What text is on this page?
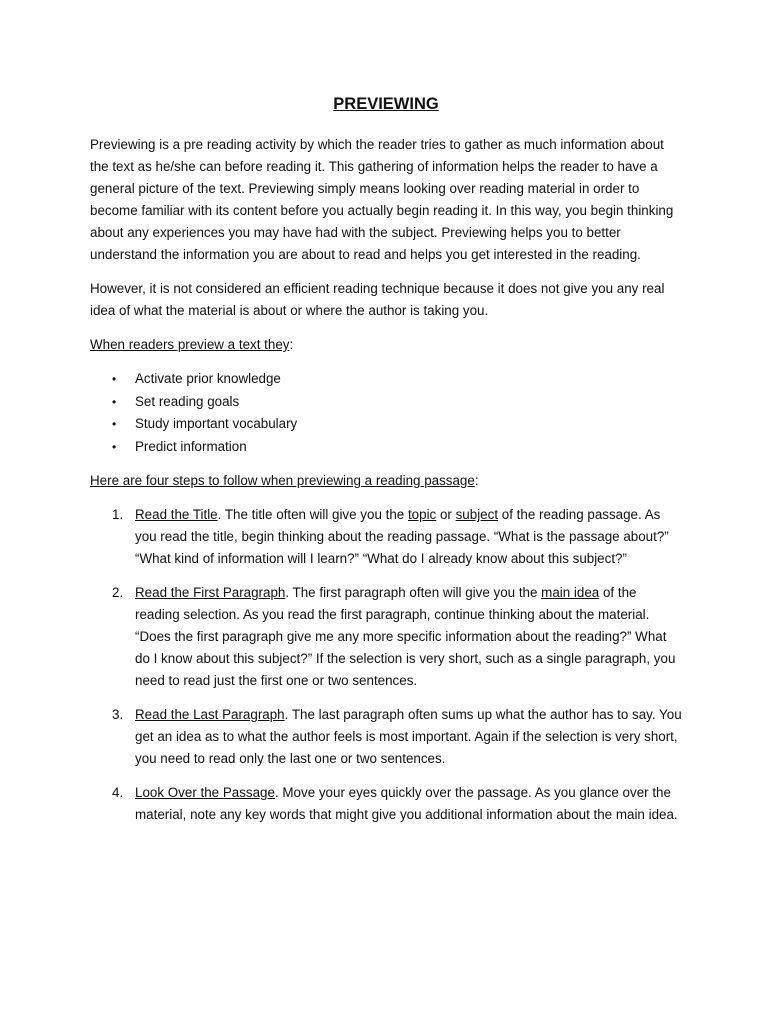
PREVIEWING

Previewing is a pre reading activity by which the reader tries to gather as much information about the text as he/she can before reading it. This gathering of information helps the reader to have a general picture of the text. Previewing simply means looking over reading material in order to become familiar with its content before you actually begin reading it. In this way, you begin thinking about any experiences you may have had with the subject. Previewing helps you to better understand the information you are about to read and helps you get interested in the reading.

However, it is not considered an efficient reading technique because it does not give you any real idea of what the material is about or where the author is taking you.

When readers preview a text they:

• Activate prior knowledge
• Set reading goals
• Study important vocabulary
• Predict information

Here are four steps to follow when previewing a reading passage:

1. Read the Title. The title often will give you the topic or subject of the reading passage. As you read the title, begin thinking about the reading passage. “What is the passage about?” “What kind of information will I learn?” “What do I already know about this subject?”
2. Read the First Paragraph. The first paragraph often will give you the main idea of the reading selection. As you read the first paragraph, continue thinking about the material. “Does the first paragraph give me any more specific information about the reading?” What do I know about this subject?” If the selection is very short, such as a single paragraph, you need to read just the first one or two sentences.
3. Read the Last Paragraph. The last paragraph often sums up what the author has to say. You get an idea as to what the author feels is most important. Again if the selection is very short, you need to read only the last one or two sentences.
4. Look Over the Passage. Move your eyes quickly over the passage. As you glance over the material, note any key words that might give you additional information about the main idea.
